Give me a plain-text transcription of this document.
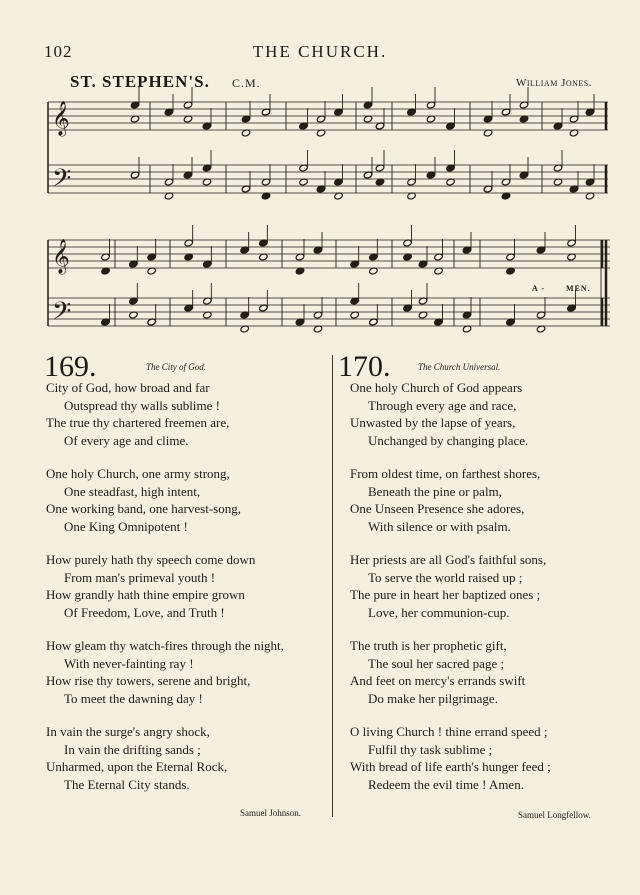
102	THE CHURCH.
ST. STEPHEN'S. C.M.	William Jones.
𝄞
𝄢
𝄞
𝄢
A -	MEN.
169.	The City of God.
City of God, how broad and far
Outspread thy walls sublime !
The true thy chartered freemen are,
Of every age and clime.
One holy Church, one army strong,
One steadfast, high intent,
One working band, one harvest-song,
One King Omnipotent !
How purely hath thy speech come down
From man's primeval youth !
How grandly hath thine empire grown
Of Freedom, Love, and Truth !
How gleam thy watch-fires through the night,
With never-fainting ray !
How rise thy towers, serene and bright,
To meet the dawning day !
In vain the surge's angry shock,
In vain the drifting sands ;
Unharmed, upon the Eternal Rock,
The Eternal City stands.
Samuel Johnson.
170.	The Church Universal.
One holy Church of God appears
Through every age and race,
Unwasted by the lapse of years,
Unchanged by changing place.
From oldest time, on farthest shores,
Beneath the pine or palm,
One Unseen Presence she adores,
With silence or with psalm.
Her priests are all God's faithful sons,
To serve the world raised up ;
The pure in heart her baptized ones ;
Love, her communion-cup.
The truth is her prophetic gift,
The soul her sacred page ;
And feet on mercy's errands swift
Do make her pilgrimage.
O living Church ! thine errand speed ;
Fulfil thy task sublime ;
With bread of life earth's hunger feed ;
Redeem the evil time ! Amen.
Samuel Longfellow.
